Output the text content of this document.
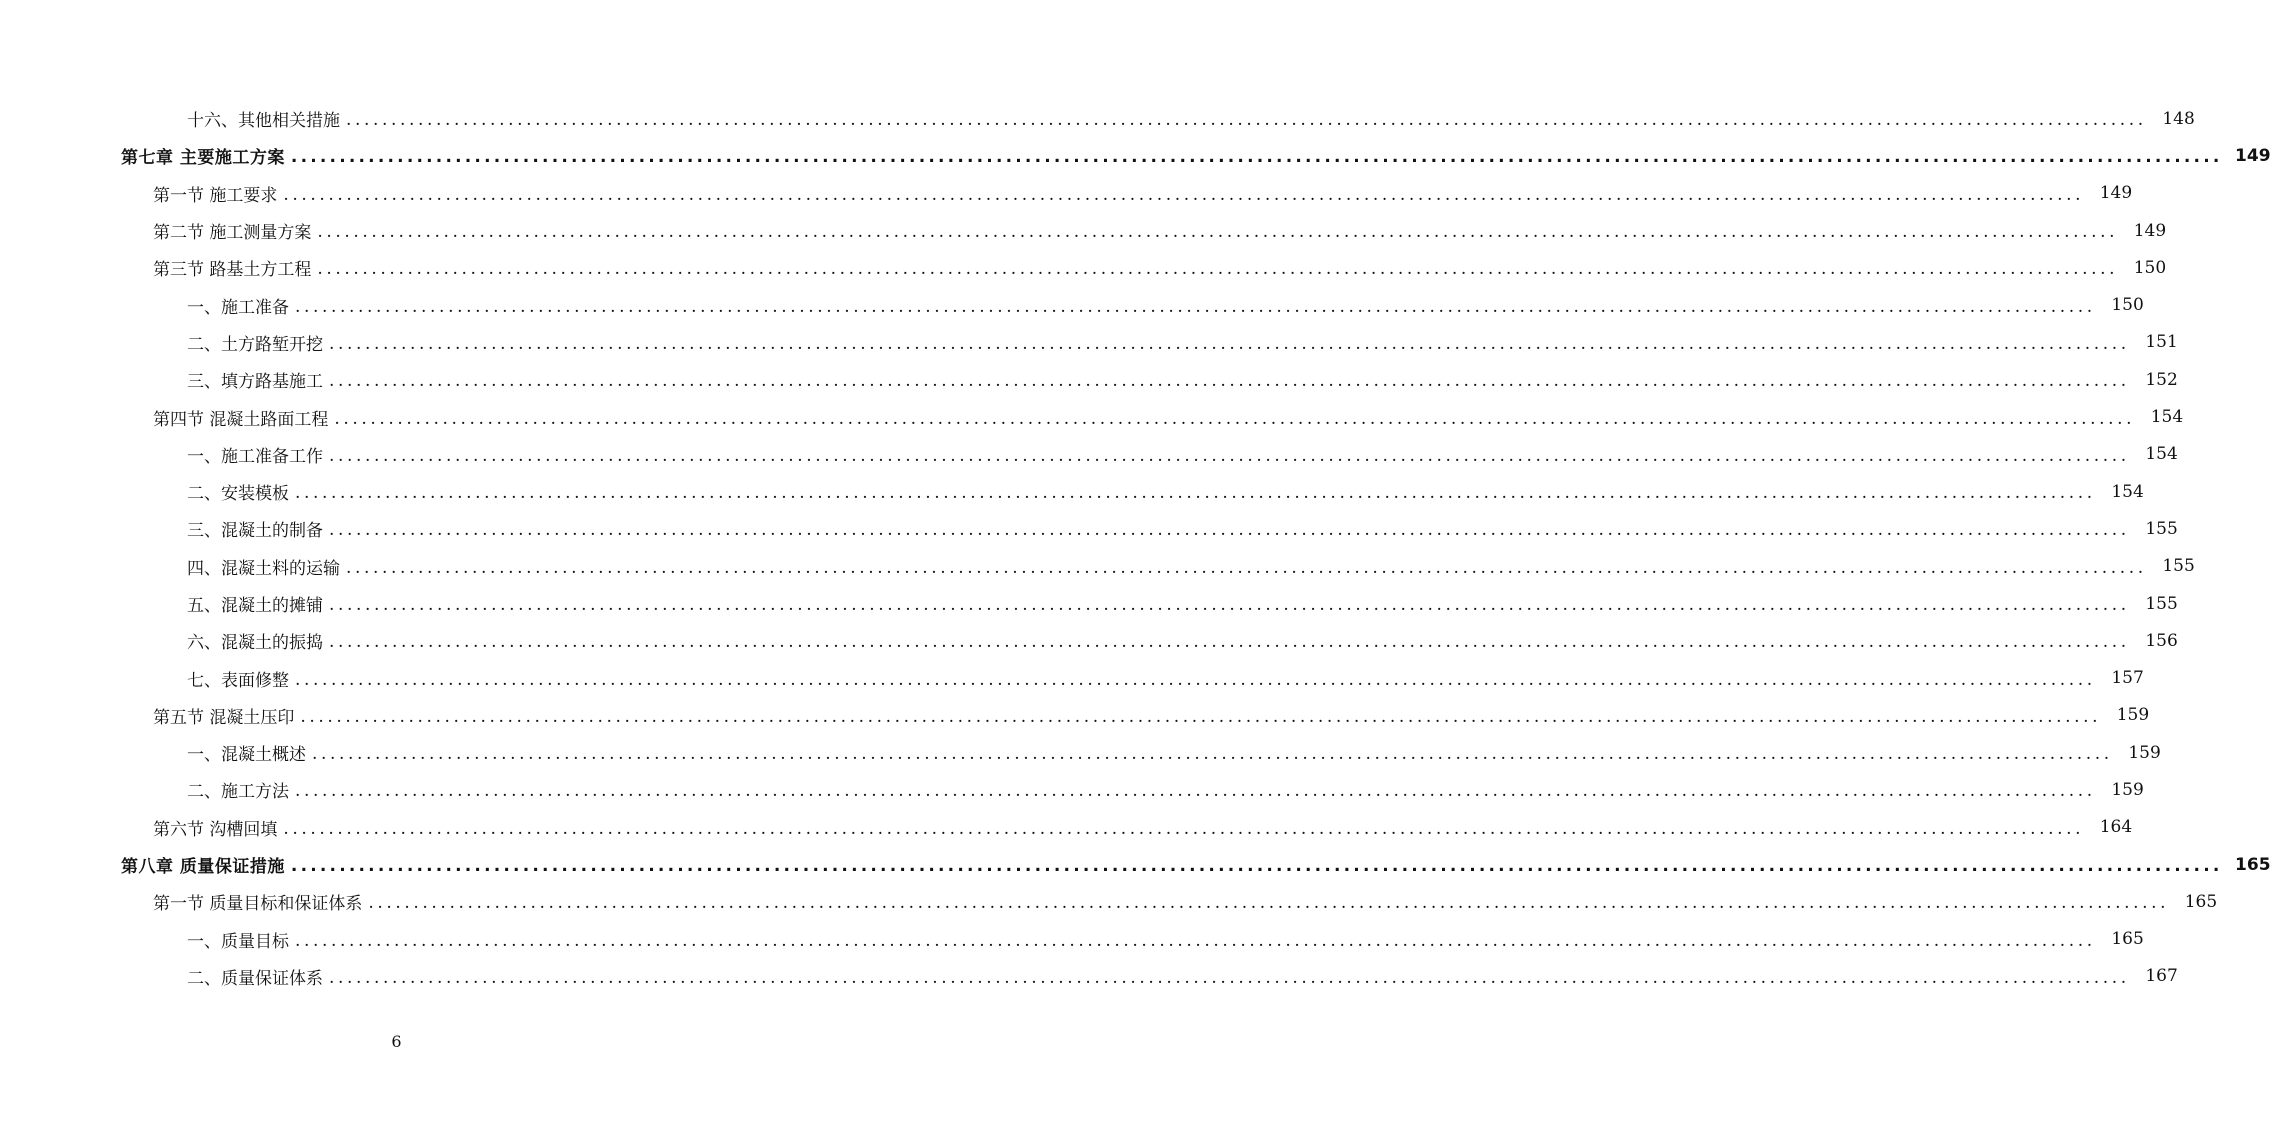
十六、其他相关措施 ........................................................................................................................................................................................................ 148
第七章 主要施工方案 ........................................................................................................................................................................................................ 149
第一节 施工要求 ........................................................................................................................................................................................................ 149
第二节 施工测量方案 ........................................................................................................................................................................................................ 149
第三节 路基土方工程 ........................................................................................................................................................................................................ 150
一、施工准备 ........................................................................................................................................................................................................ 150
二、土方路堑开挖 ........................................................................................................................................................................................................ 151
三、填方路基施工 ........................................................................................................................................................................................................ 152
第四节 混凝土路面工程 ........................................................................................................................................................................................................ 154
一、施工准备工作 ........................................................................................................................................................................................................ 154
二、安装模板 ........................................................................................................................................................................................................ 154
三、混凝土的制备 ........................................................................................................................................................................................................ 155
四、混凝土料的运输 ........................................................................................................................................................................................................ 155
五、混凝土的摊铺 ........................................................................................................................................................................................................ 155
六、混凝土的振捣 ........................................................................................................................................................................................................ 156
七、表面修整 ........................................................................................................................................................................................................ 157
第五节 混凝土压印 ........................................................................................................................................................................................................ 159
一、混凝土概述 ........................................................................................................................................................................................................ 159
二、施工方法 ........................................................................................................................................................................................................ 159
第六节 沟槽回填 ........................................................................................................................................................................................................ 164
第八章 质量保证措施 ........................................................................................................................................................................................................ 165
第一节 质量目标和保证体系 ........................................................................................................................................................................................................ 165
一、质量目标 ........................................................................................................................................................................................................ 165
二、质量保证体系 ........................................................................................................................................................................................................ 167
6
